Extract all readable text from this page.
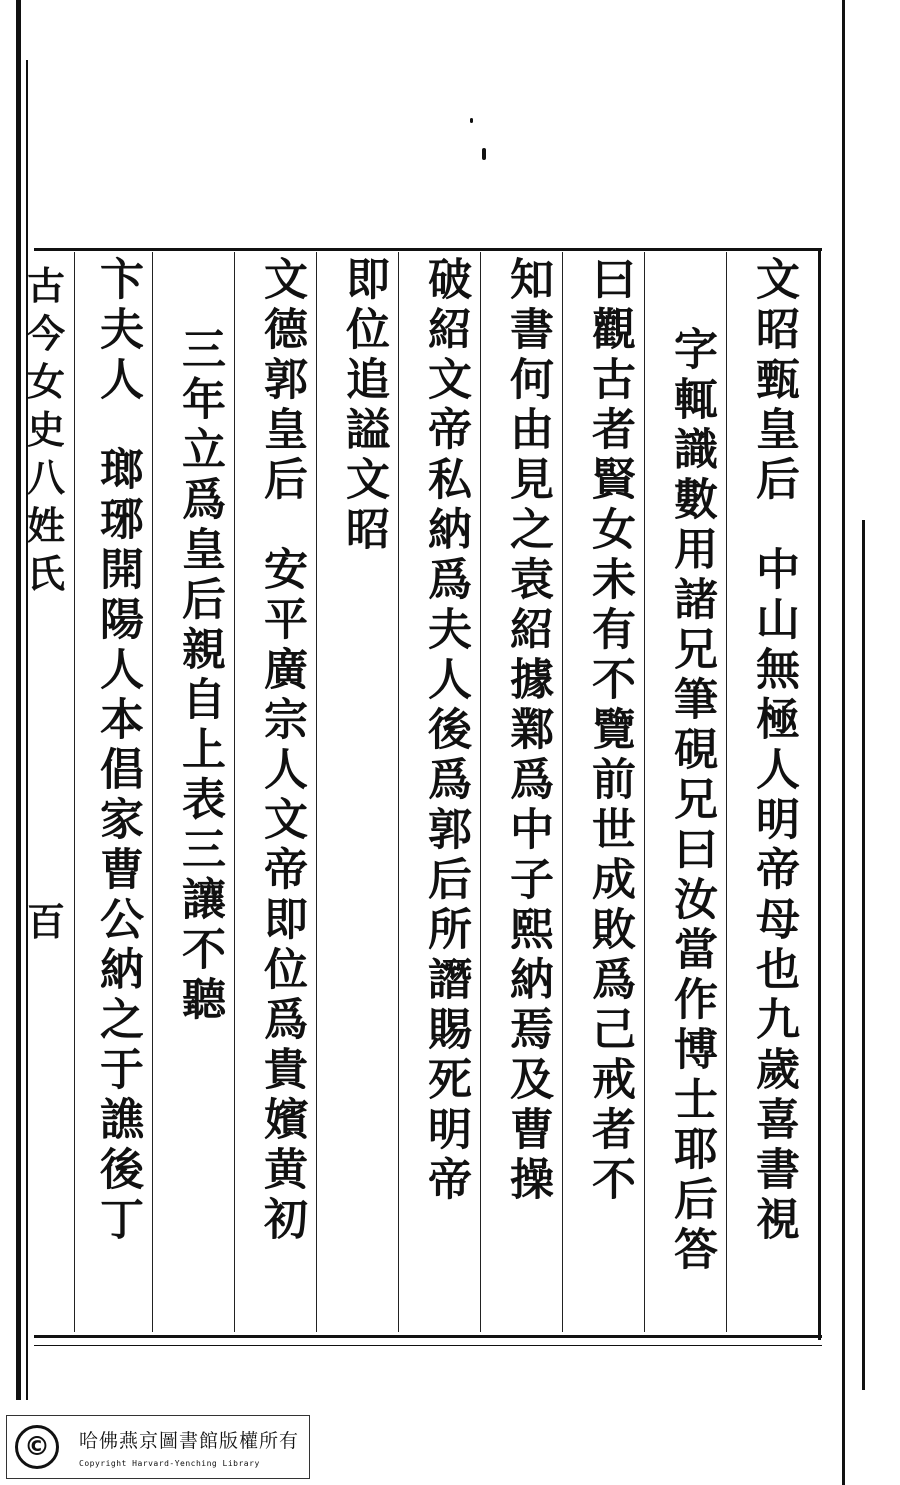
古
今
女
史
八
姓
氏
百
文昭甄皇后中山無極人明帝母也九歲喜書視
字輒識數用諸兄筆硯兄曰汝當作博士耶后答
曰觀古者賢女未有不覽前世成敗爲己戒者不
知書何由見之袁紹據鄴爲中子熙納焉及曹操
破紹文帝私納爲夫人後爲郭后所譖賜死明帝
即位追謚文昭
文德郭皇后安平廣宗人文帝即位爲貴嬪黄初
三年立爲皇后親自上表三讓不聽
卞夫人瑯琊開陽人本倡家曹公納之于譙後丁
©	哈佛燕京圖書館版權所有
Copyright Harvard-Yenching Library
